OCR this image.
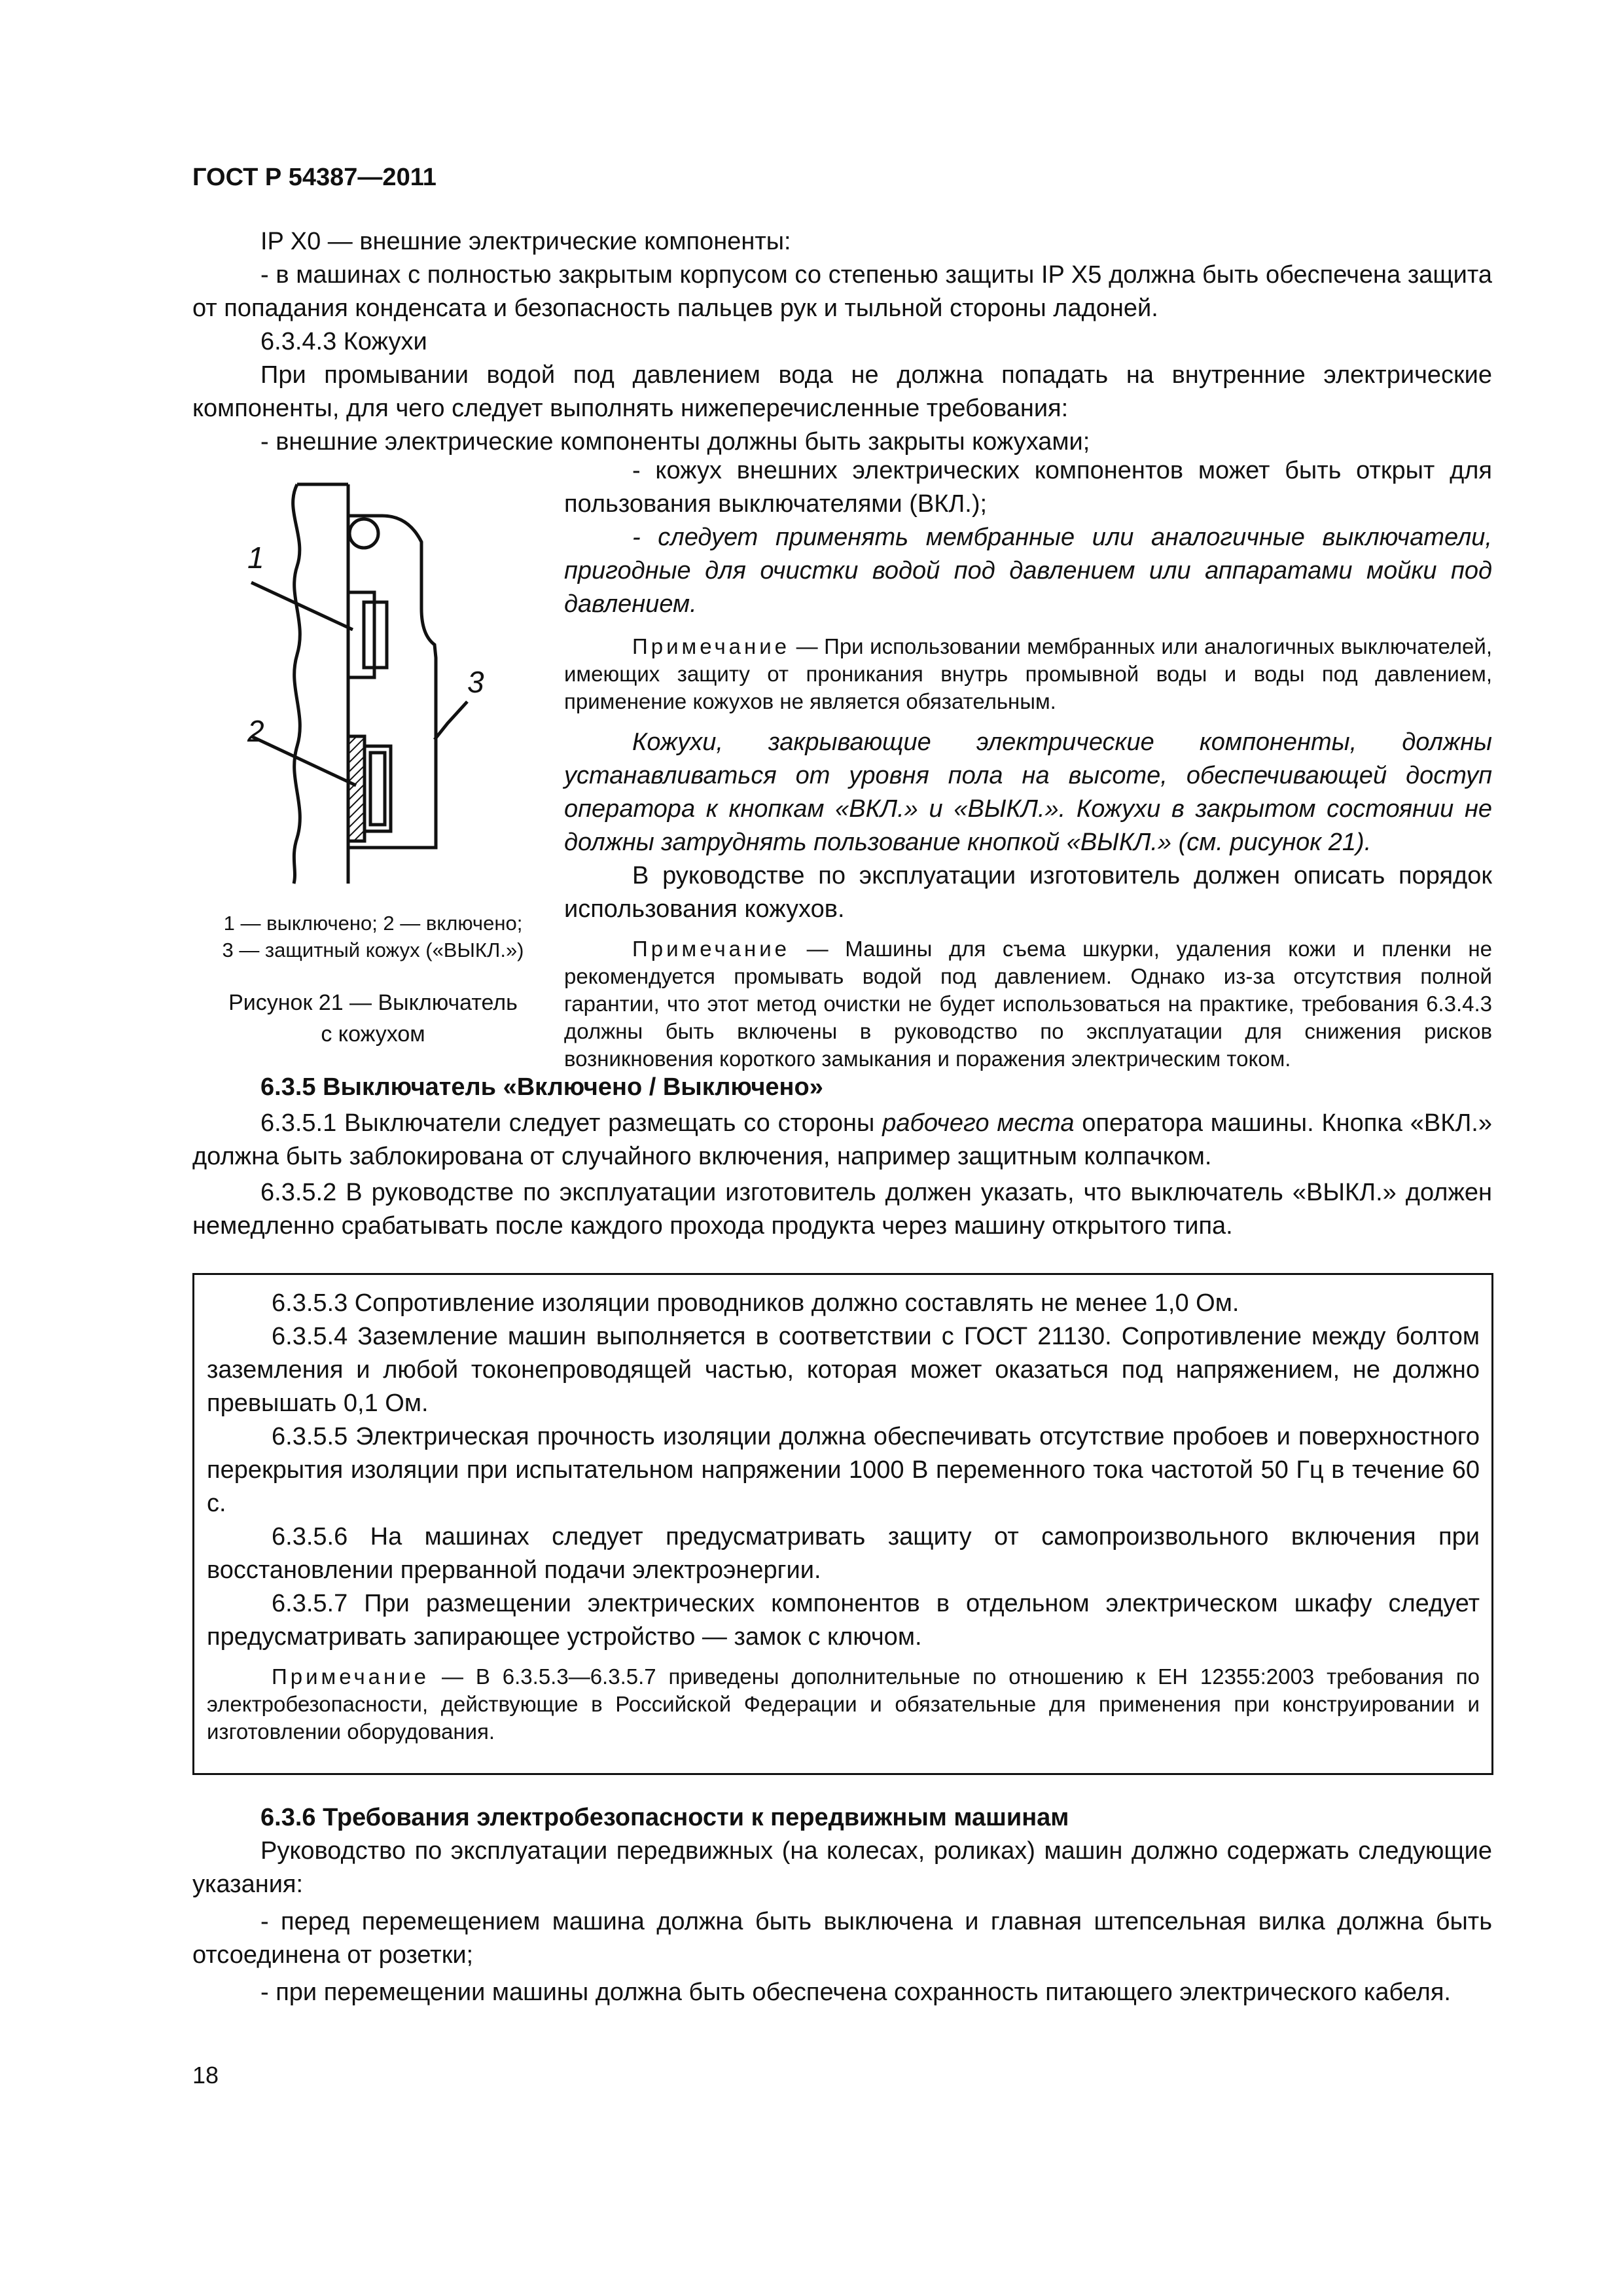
ГОСТ Р 54387—2011

IP X0 — внешние электрические компоненты:

- в машинах с полностью закрытым корпусом со степенью защиты IP X5 должна быть обеспечена защита от попадания конденсата и безопасность пальцев рук и тыльной стороны ладоней.

6.3.4.3 Кожухи

При промывании водой под давлением вода не должна попадать на внутренние электрические компоненты, для чего следует выполнять нижеперечисленные требования:

- внешние электрические компоненты должны быть закрыты кожухами;

1
2
3

1 — выключено; 2 — включено;

3 — защитный кожух («ВЫКЛ.»)

Рисунок 21 — Выключатель

с кожухом

- кожух внешних электрических компонентов может быть открыт для пользования выключателями (ВКЛ.);

- следует применять мембранные или аналогичные выключатели, пригодные для очистки водой под давлением или аппаратами мойки под давлением.

Примечание — При использовании мембранных или аналогичных выключателей, имеющих защиту от проникания внутрь промывной воды и воды под давлением, применение кожухов не является обязательным.

Кожухи, закрывающие электрические компоненты, должны устанавливаться от уровня пола на высоте, обеспечивающей доступ оператора к кнопкам «ВКЛ.» и «ВЫКЛ.». Кожухи в закрытом состоянии не должны затруднять пользование кнопкой «ВЫКЛ.» (см. рисунок 21).

В руководстве по эксплуатации изготовитель должен описать порядок использования кожухов.

Примечание — Машины для съема шкурки, удаления кожи и пленки не рекомендуется промывать водой под давлением. Однако из-за отсутствия полной гарантии, что этот метод очистки не будет использоваться на практике, требования 6.3.4.3 должны быть включены в руководство по эксплуатации для снижения рисков возникновения короткого замыкания и поражения электрическим током.

6.3.5 Выключатель «Включено / Выключено»

6.3.5.1 Выключатели следует размещать со стороны рабочего места оператора машины. Кнопка «ВКЛ.» должна быть заблокирована от случайного включения, например защитным колпачком.

6.3.5.2 В руководстве по эксплуатации изготовитель должен указать, что выключатель «ВЫКЛ.» должен немедленно срабатывать после каждого прохода продукта через машину открытого типа.

6.3.5.3 Сопротивление изоляции проводников должно составлять не менее 1,0 Ом.

6.3.5.4 Заземление машин выполняется в соответствии с ГОСТ 21130. Сопротивление между болтом заземления и любой токонепроводящей частью, которая может оказаться под напряжением, не должно превышать 0,1 Ом.

6.3.5.5 Электрическая прочность изоляции должна обеспечивать отсутствие пробоев и поверхностного перекрытия изоляции при испытательном напряжении 1000 В переменного тока частотой 50 Гц в течение 60 с.

6.3.5.6 На машинах следует предусматривать защиту от самопроизвольного включения при восстановлении прерванной подачи электроэнергии.

6.3.5.7 При размещении электрических компонентов в отдельном электрическом шкафу следует предусматривать запирающее устройство — замок с ключом.

Примечание — В 6.3.5.3—6.3.5.7 приведены дополнительные по отношению к ЕН 12355:2003 требования по электробезопасности, действующие в Российской Федерации и обязательные для применения при конструировании и изготовлении оборудования.

6.3.6 Требования электробезопасности к передвижным машинам

Руководство по эксплуатации передвижных (на колесах, роликах) машин должно содержать следующие указания:

- перед перемещением машина должна быть выключена и главная штепсельная вилка должна быть отсоединена от розетки;

- при перемещении машины должна быть обеспечена сохранность питающего электрического кабеля.

18
